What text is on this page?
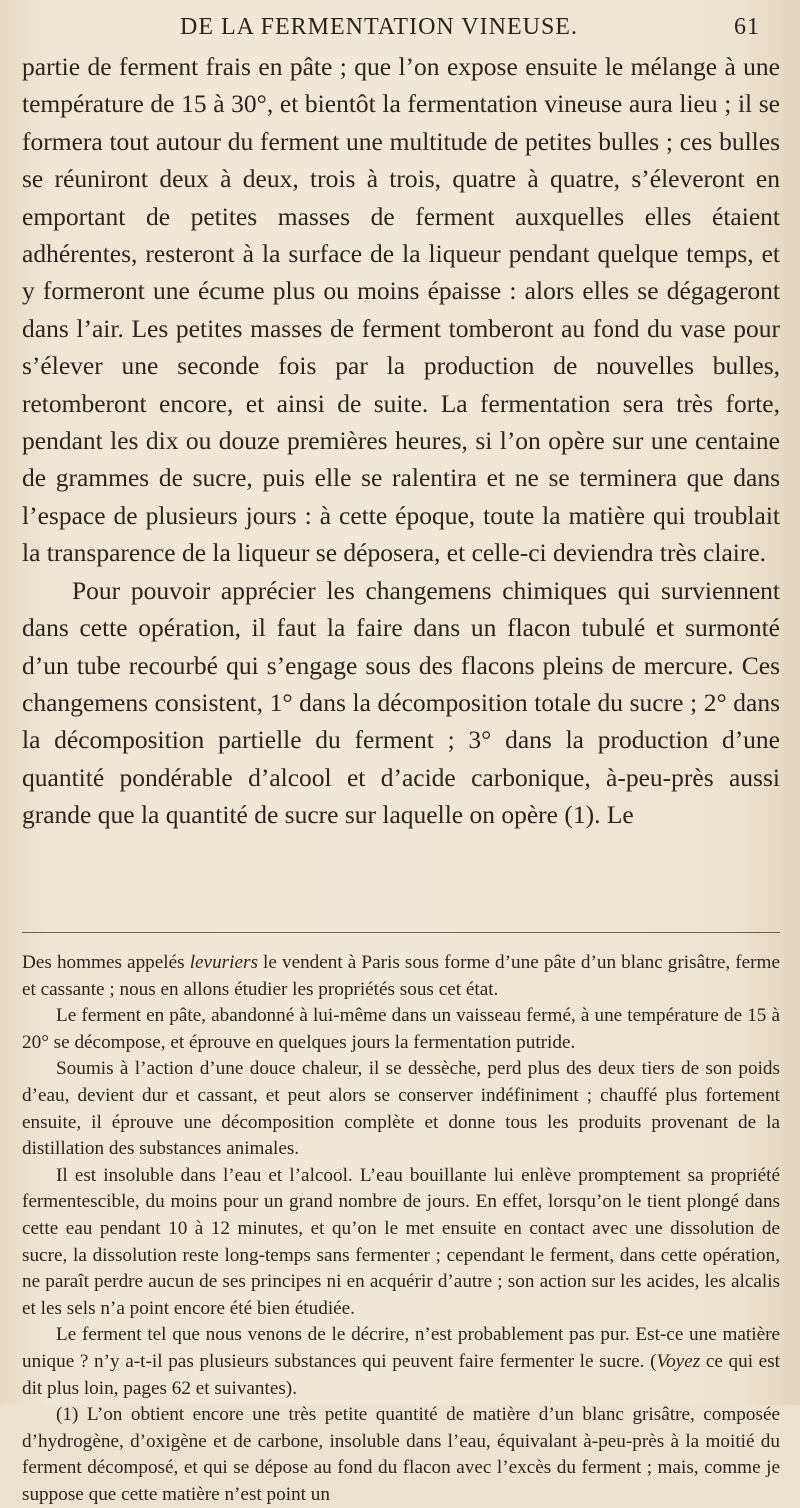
DE LA FERMENTATION VINEUSE.	61

partie de ferment frais en pâte ; que l’on expose ensuite le mélange à une température de 15 à 30°, et bientôt la fermentation vineuse aura lieu ; il se formera tout autour du ferment une multitude de petites bulles ; ces bulles se réuniront deux à deux, trois à trois, quatre à quatre, s’éleveront en emportant de petites masses de ferment auxquelles elles étaient adhérentes, resteront à la surface de la liqueur pendant quelque temps, et y formeront une écume plus ou moins épaisse : alors elles se dégageront dans l’air. Les petites masses de ferment tomberont au fond du vase pour s’élever une seconde fois par la production de nouvelles bulles, retomberont encore, et ainsi de suite. La fermentation sera très forte, pendant les dix ou douze premières heures, si l’on opère sur une centaine de grammes de sucre, puis elle se ralentira et ne se terminera que dans l’espace de plusieurs jours : à cette époque, toute la matière qui troublait la transparence de la liqueur se déposera, et celle-ci deviendra très claire.

Pour pouvoir apprécier les changemens chimiques qui surviennent dans cette opération, il faut la faire dans un flacon tubulé et surmonté d’un tube recourbé qui s’engage sous des flacons pleins de mercure. Ces changemens consistent, 1° dans la décomposition totale du sucre ; 2° dans la décomposition partielle du ferment ; 3° dans la production d’une quantité pondérable d’alcool et d’acide carbonique, à-peu-près aussi grande que la quantité de sucre sur laquelle on opère (1). Le

Des hommes appelés levuriers le vendent à Paris sous forme d’une pâte d’un blanc grisâtre, ferme et cassante ; nous en allons étudier les propriétés sous cet état.

Le ferment en pâte, abandonné à lui-même dans un vaisseau fermé, à une température de 15 à 20° se décompose, et éprouve en quelques jours la fermentation putride.

Soumis à l’action d’une douce chaleur, il se dessèche, perd plus des deux tiers de son poids d’eau, devient dur et cassant, et peut alors se conserver indéfiniment ; chauffé plus fortement ensuite, il éprouve une décomposition complète et donne tous les produits provenant de la distillation des substances animales.

Il est insoluble dans l’eau et l’alcool. L’eau bouillante lui enlève promptement sa propriété fermentescible, du moins pour un grand nombre de jours. En effet, lorsqu’on le tient plongé dans cette eau pendant 10 à 12 minutes, et qu’on le met ensuite en contact avec une dissolution de sucre, la dissolution reste long-temps sans fermenter ; cependant le ferment, dans cette opération, ne paraît perdre aucun de ses principes ni en acquérir d’autre ; son action sur les acides, les alcalis et les sels n’a point encore été bien étudiée.

Le ferment tel que nous venons de le décrire, n’est probablement pas pur. Est-ce une matière unique ? n’y a-t-il pas plusieurs substances qui peuvent faire fermenter le sucre. (Voyez ce qui est dit plus loin, pages 62 et suivantes).

(1) L’on obtient encore une très petite quantité de matière d’un blanc grisâtre, composée d’hydrogène, d’oxigène et de carbone, insoluble dans l’eau, équivalant à-peu-près à la moitié du ferment décomposé, et qui se dépose au fond du flacon avec l’excès du ferment ; mais, comme je suppose que cette matière n’est point un
